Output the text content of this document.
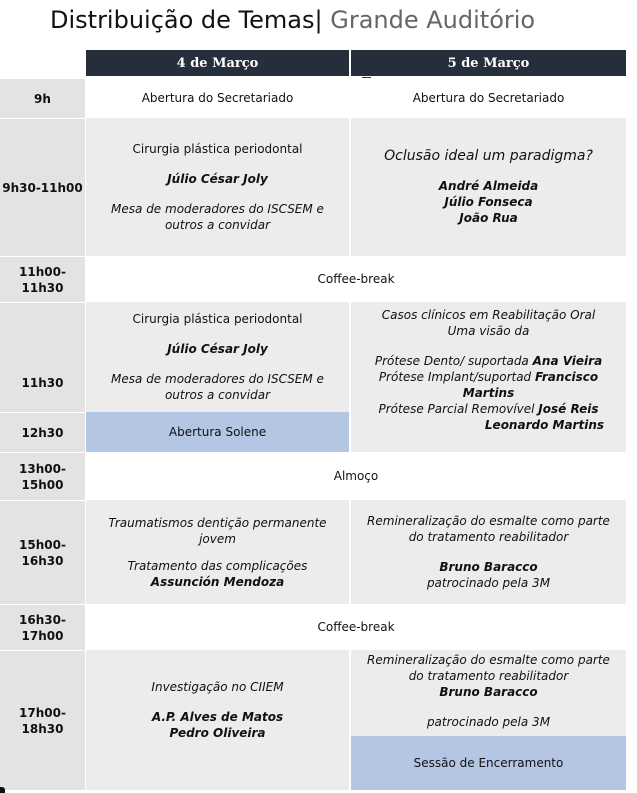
Distribuição de Temas| Grande Auditório
4 de Março	5 de Março
9h
9h30-11h00
11h00-
11h30
11h30
12h30
13h00-
15h00
15h00-
16h30
16h30-
17h00
17h00-
18h30
Abertura do Secretariado	Abertura do Secretariado
Cirurgia plástica periodontal
Júlio César Joly
Mesa de moderadores do ISCSEM e outros a convidar
Oclusão ideal um paradigma?
André Almeida
Júlio Fonseca
João Rua
Coffee-break
Cirurgia plástica periodontal
Júlio César Joly
Mesa de moderadores do ISCSEM e outros a convidar
Abertura Solene
Casos clínicos em Reabilitação Oral
Uma visão da
Prótese Dento/ suportada Ana Vieira
Prótese Implant/suportad Francisco Martins
Prótese Parcial Removível José Reis
Leonardo Martins
Almoço
Traumatismos dentição permanente jovem
Tratamento das complicações
Assunción Mendoza
Remineralização do esmalte como parte do tratamento reabilitador
Bruno Baracco
patrocinado pela 3M
Coffee-break
Investigação no CIIEM
A.P. Alves de Matos
Pedro Oliveira
Remineralização do esmalte como parte do tratamento reabilitador
Bruno Baracco
patrocinado pela 3M
Sessão de Encerramento
